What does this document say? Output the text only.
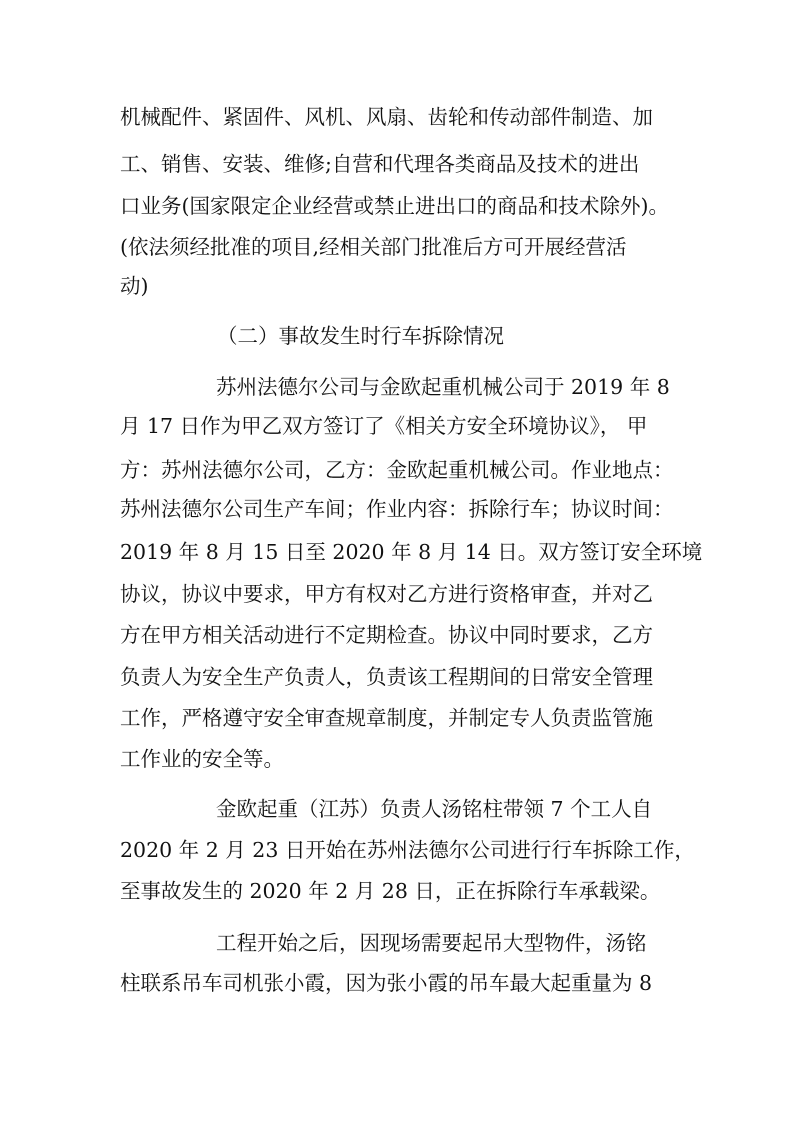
机械配件、紧固件、风机、风扇、齿轮和传动部件制造、加
工、销售、安装、维修;自营和代理各类商品及技术的进出
口业务(国家限定企业经营或禁止进出口的商品和技术除外)。
(依法须经批准的项目,经相关部门批准后方可开展经营活
动)
（二）事故发生时行车拆除情况
苏州法德尔公司与金欧起重机械公司于 2019 年 8
月 17 日作为甲乙双方签订了《相关方安全环境协议》， 甲
方：苏州法德尔公司，乙方：金欧起重机械公司。作业地点：
苏州法德尔公司生产车间；作业内容：拆除行车；协议时间：
2019 年 8 月 15 日至 2020 年 8 月 14 日。双方签订安全环境
协议，协议中要求，甲方有权对乙方进行资格审查，并对乙
方在甲方相关活动进行不定期检查。协议中同时要求，乙方
负责人为安全生产负责人，负责该工程期间的日常安全管理
工作，严格遵守安全审查规章制度，并制定专人负责监管施
工作业的安全等。
金欧起重（江苏）负责人汤铭柱带领 7 个工人自
2020 年 2 月 23 日开始在苏州法德尔公司进行行车拆除工作，
至事故发生的 2020 年 2 月 28 日，正在拆除行车承载梁。
工程开始之后，因现场需要起吊大型物件，汤铭
柱联系吊车司机张小霞，因为张小霞的吊车最大起重量为 8
